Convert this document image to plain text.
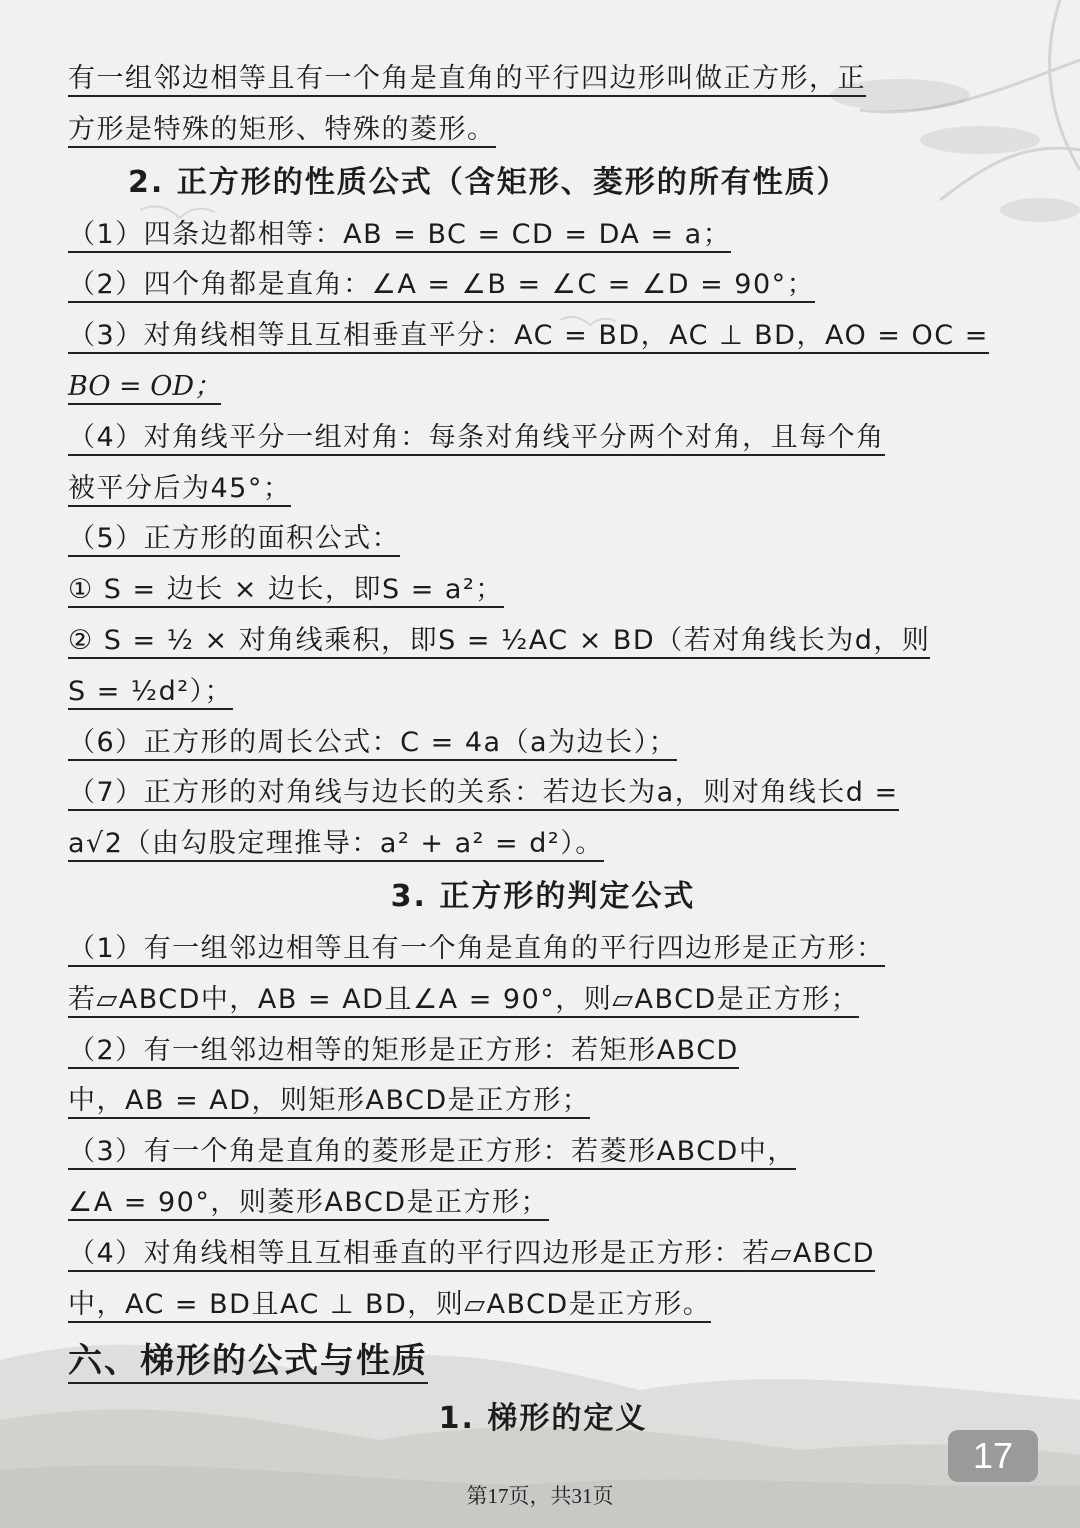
有一组邻边相等且有一个角是直角的平行四边形叫做正方形，正
方形是特殊的矩形、特殊的菱形。
2. 正方形的性质公式（含矩形、菱形的所有性质）
（1）四条边都相等：AB = BC = CD = DA = a；
（2）四个角都是直角：∠A = ∠B = ∠C = ∠D = 90°；
（3）对角线相等且互相垂直平分：AC = BD，AC ⊥ BD，AO = OC =
BO = OD；
（4）对角线平分一组对角：每条对角线平分两个对角，且每个角
被平分后为45°；
（5）正方形的面积公式：
① S = 边长 × 边长，即S = a²；
② S = ½ × 对角线乘积，即S = ½AC × BD（若对角线长为d，则
S = ½d²）；
（6）正方形的周长公式：C = 4a（a为边长）；
（7）正方形的对角线与边长的关系：若边长为a，则对角线长d =
a√2（由勾股定理推导：a² + a² = d²）。
3. 正方形的判定公式
（1）有一组邻边相等且有一个角是直角的平行四边形是正方形：
若▱ABCD中，AB = AD且∠A = 90°，则▱ABCD是正方形；
（2）有一组邻边相等的矩形是正方形：若矩形ABCD
中，AB = AD，则矩形ABCD是正方形；
（3）有一个角是直角的菱形是正方形：若菱形ABCD中，
∠A = 90°，则菱形ABCD是正方形；
（4）对角线相等且互相垂直的平行四边形是正方形：若▱ABCD
中，AC = BD且AC ⊥ BD，则▱ABCD是正方形。
六、梯形的公式与性质
1. 梯形的定义
17
第17页，共31页
